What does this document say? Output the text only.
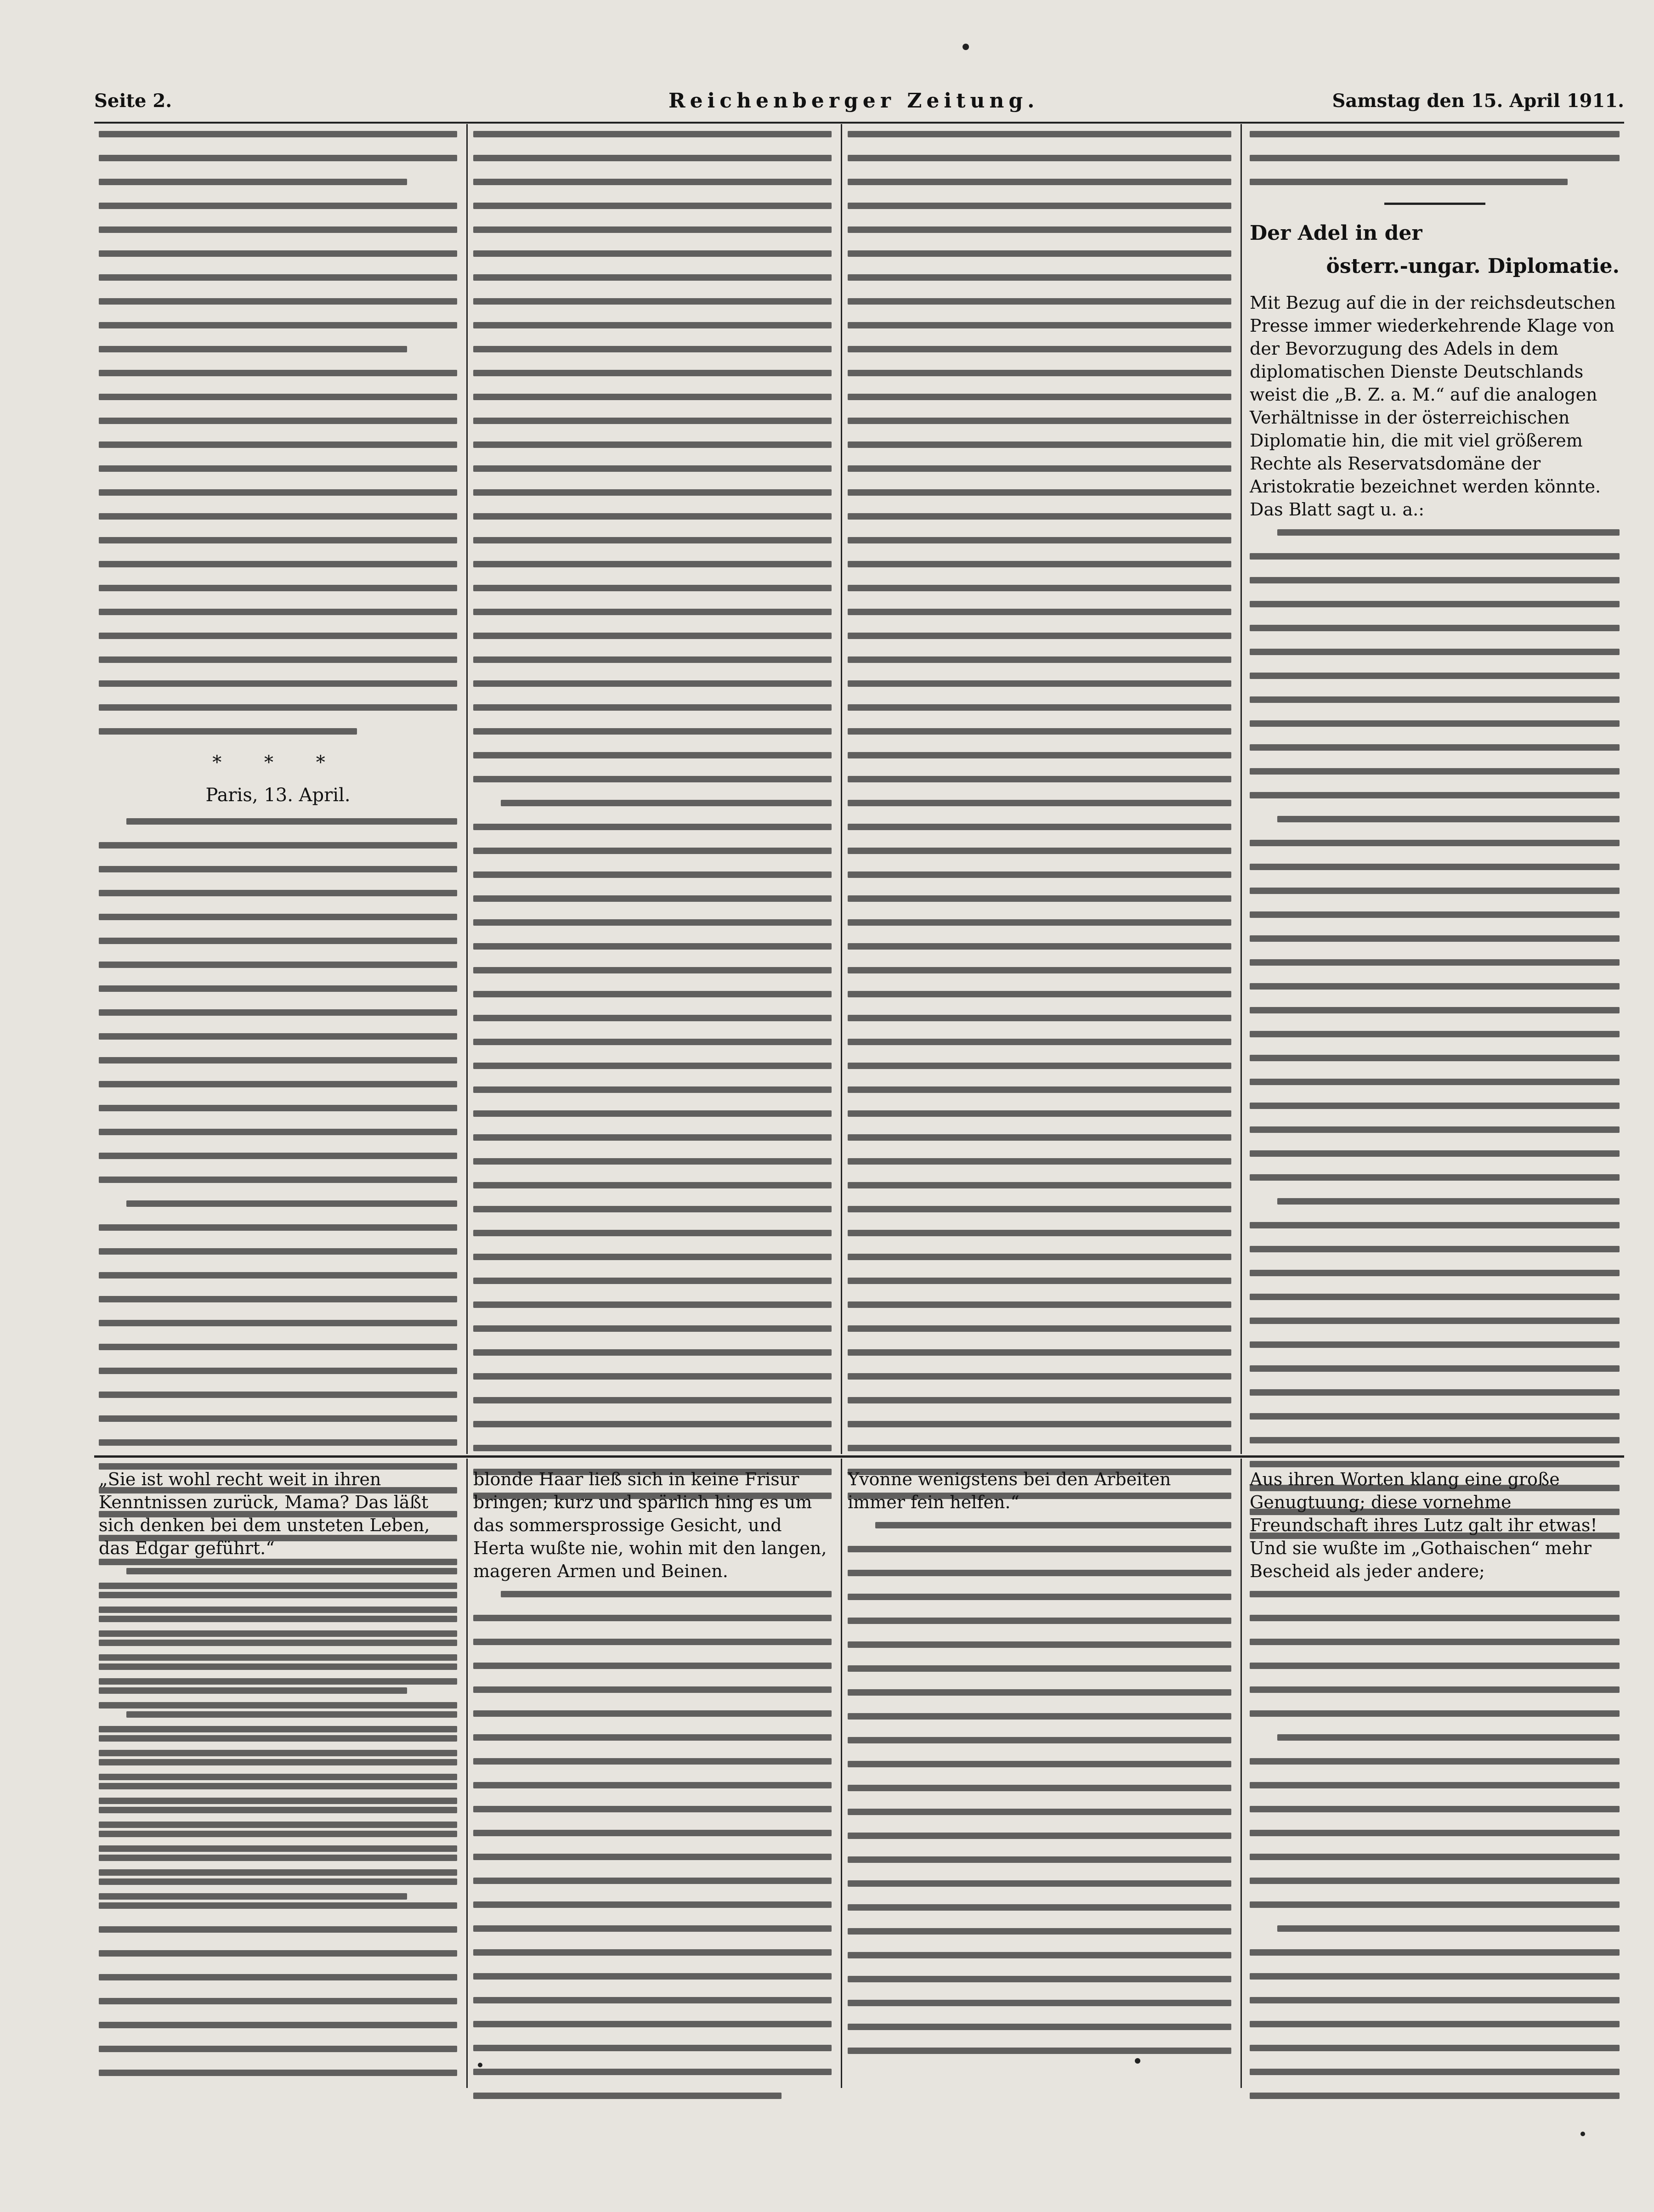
Seite 2.	Reichenberger Zeitung.	Samstag den 15. April 1911.
* * *
Paris, 13. April.
Der Adel in der
österr.-ungar. Diplomatie.
Mit Bezug auf die in der reichsdeutschen Presse immer wiederkehrende Klage von der Bevorzugung des Adels in dem diplomatischen Dienste Deutschlands weist die „B. Z. a. M.“ auf die analogen Verhältnisse in der österreichischen Diplomatie hin, die mit viel größerem Rechte als Reservatsdomäne der Aristokratie bezeichnet werden könnte. Das Blatt sagt u. a.:
„Sie ist wohl recht weit in ihren Kenntnissen zurück, Mama? Das läßt sich denken bei dem unsteten Leben, das Edgar geführt.“
blonde Haar ließ sich in keine Frisur bringen; kurz und spärlich hing es um das sommersprossige Gesicht, und Herta wußte nie, wohin mit den langen, mageren Armen und Beinen.
Yvonne wenigstens bei den Arbeiten immer fein helfen.“
Aus ihren Worten klang eine große Genugtuung; diese vornehme Freundschaft ihres Lutz galt ihr etwas! Und sie wußte im „Gothaischen“ mehr Bescheid als jeder andere;
